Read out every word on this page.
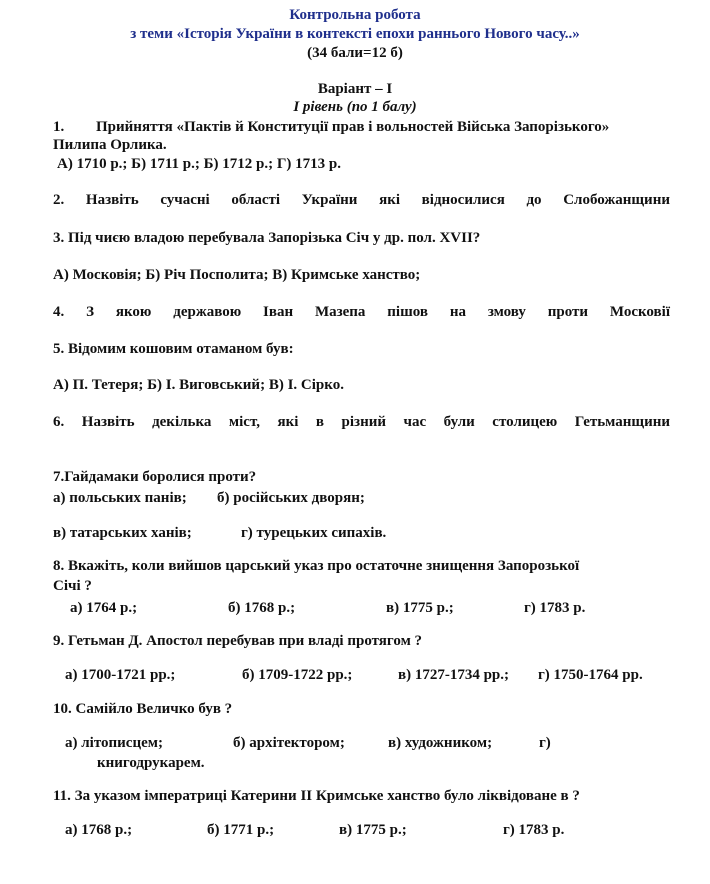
Контрольна робота
з теми «Історія України в контексті епохи раннього Нового часу..»
(34 бали=12 б)
Варіант – І
І рівень (по 1 балу)
1. Прийняття «Пактів й Конституції прав і вольностей Війська Запорізького»
Пилипа Орлика.
А) 1710 р.; Б) 1711 р.; Б) 1712 р.; Г) 1713 р.
2. Назвіть сучасні області України які відносилися до Слобожанщини
3. Під чиєю владою перебувала Запорізька Січ у др. пол. XVII?
А) Московія; Б) Річ Посполита; В) Кримське ханство;
4. З якою державою Іван Мазепа пішов на змову проти Московії
5. Відомим кошовим отаманом був:
А) П. Тетеря; Б) І. Виговський; В) І. Сірко.
6. Назвіть декілька міст, які в різний час були столицею Гетьманщини
7.Гайдамаки боролися проти?
а) польських панів; б) російських дворян;
в) татарських ханів;	г) турецьких сипахів.
8. Вкажіть, коли вийшов царський указ про остаточне знищення Запорозької
Січі ?
а) 1764 р.;	б) 1768 р.;	в) 1775 р.;	г) 1783 р.
9. Гетьман Д. Апостол перебував при владі протягом ?
а) 1700-1721 рр.;	б) 1709-1722 рр.;	в) 1727-1734 рр.; г) 1750-1764 рр.
10. Самійло Величко був ?
а) літописцем;	б) архітектором;	в) художником;	г)
книгодрукарем.
11. За указом імператриці Катерини ІІ Кримське ханство було ліквідоване в ?
а) 1768 р.;	б) 1771 р.;	в) 1775 р.;	г) 1783 р.
